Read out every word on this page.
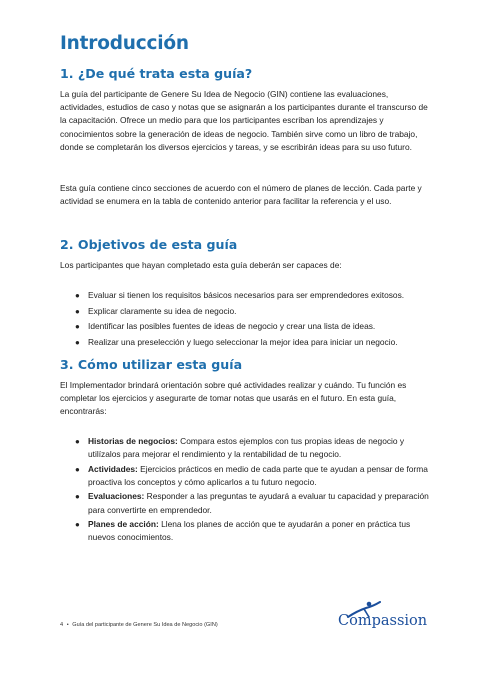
Introducción
1. ¿De qué trata esta guía?

La guía del participante de Genere Su Idea de Negocio (GIN) contiene las evaluaciones, actividades, estudios de caso y notas que se asignarán a los participantes durante el transcurso de la capacitación. Ofrece un medio para que los participantes escriban los aprendizajes y conocimientos sobre la generación de ideas de negocio. También sirve como un libro de trabajo, donde se completarán los diversos ejercicios y tareas, y se escribirán ideas para su uso futuro.

Esta guía contiene cinco secciones de acuerdo con el número de planes de lección. Cada parte y actividad se enumera en la tabla de contenido anterior para facilitar la referencia y el uso.

2. Objetivos de esta guía

Los participantes que hayan completado esta guía deberán ser capaces de:

● Evaluar si tienen los requisitos básicos necesarios para ser emprendedores exitosos.
● Explicar claramente su idea de negocio.
● Identificar las posibles fuentes de ideas de negocio y crear una lista de ideas.
● Realizar una preselección y luego seleccionar la mejor idea para iniciar un negocio.
3. Cómo utilizar esta guía

El Implementador brindará orientación sobre qué actividades realizar y cuándo. Tu función es completar los ejercicios y asegurarte de tomar notas que usarás en el futuro. En esta guía, encontrarás:

● Historias de negocios: Compara estos ejemplos con tus propias ideas de negocio y utilízalos para mejorar el rendimiento y la rentabilidad de tu negocio.
● Actividades: Ejercicios prácticos en medio de cada parte que te ayudan a pensar de forma proactiva los conceptos y cómo aplicarlos a tu futuro negocio.
● Evaluaciones: Responder a las preguntas te ayudará a evaluar tu capacidad y preparación para convertirte en emprendedor.
● Planes de acción: Llena los planes de acción que te ayudarán a poner en práctica tus nuevos conocimientos.
4 • Guía del participante de Genere Su Idea de Negocio (GIN)	Compassion
